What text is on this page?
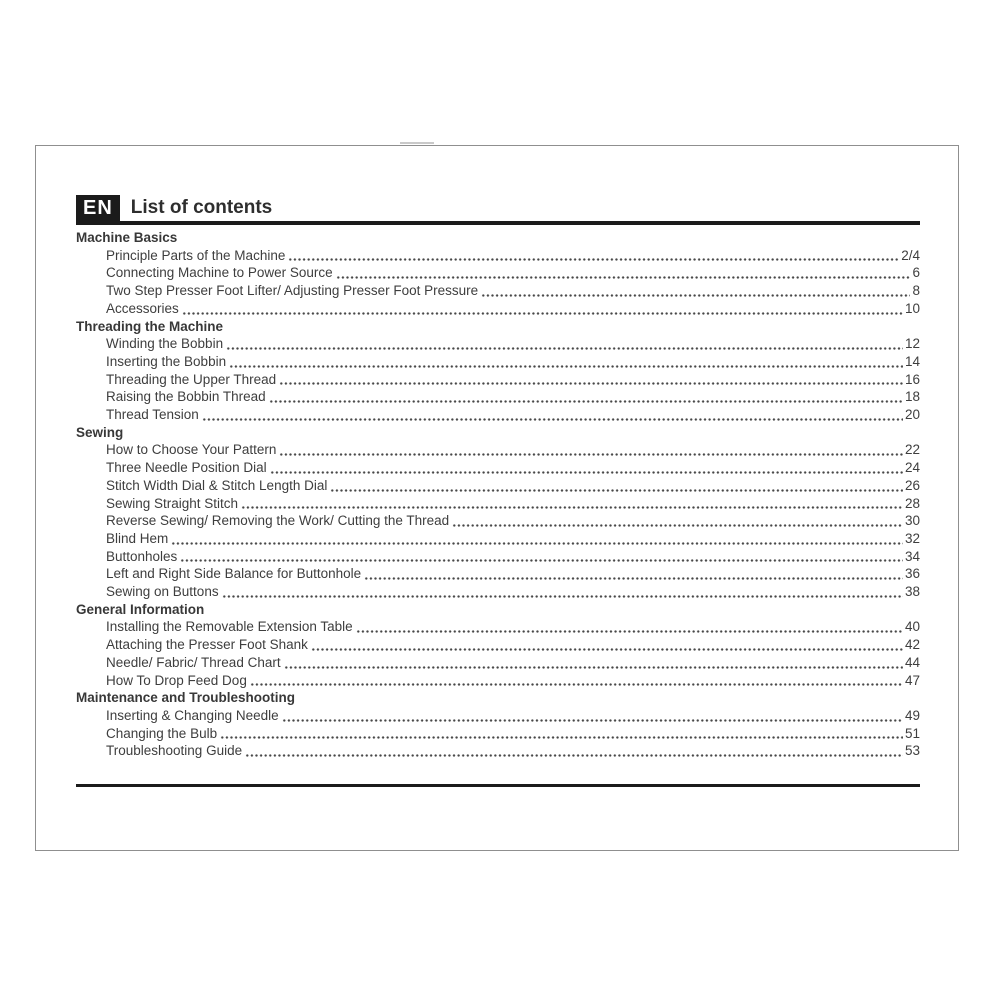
EN List of contents
Machine Basics
Principle Parts of the Machine	2/4
Connecting Machine to Power Source	6
Two Step Presser Foot Lifter/ Adjusting Presser Foot Pressure	8
Accessories	10
Threading the Machine
Winding the Bobbin	12
Inserting the Bobbin	14
Threading the Upper Thread	16
Raising the Bobbin Thread	18
Thread Tension	20
Sewing
How to Choose Your Pattern	22
Three Needle Position Dial	24
Stitch Width Dial & Stitch Length Dial	26
Sewing Straight Stitch	28
Reverse Sewing/ Removing the Work/ Cutting the Thread	30
Blind Hem	32
Buttonholes	34
Left and Right Side Balance for Buttonhole	36
Sewing on Buttons	38
General Information
Installing the Removable Extension Table	40
Attaching the Presser Foot Shank	42
Needle/ Fabric/ Thread Chart	44
How To Drop Feed Dog	47
Maintenance and Troubleshooting
Inserting & Changing Needle	49
Changing the Bulb	51
Troubleshooting Guide	53
